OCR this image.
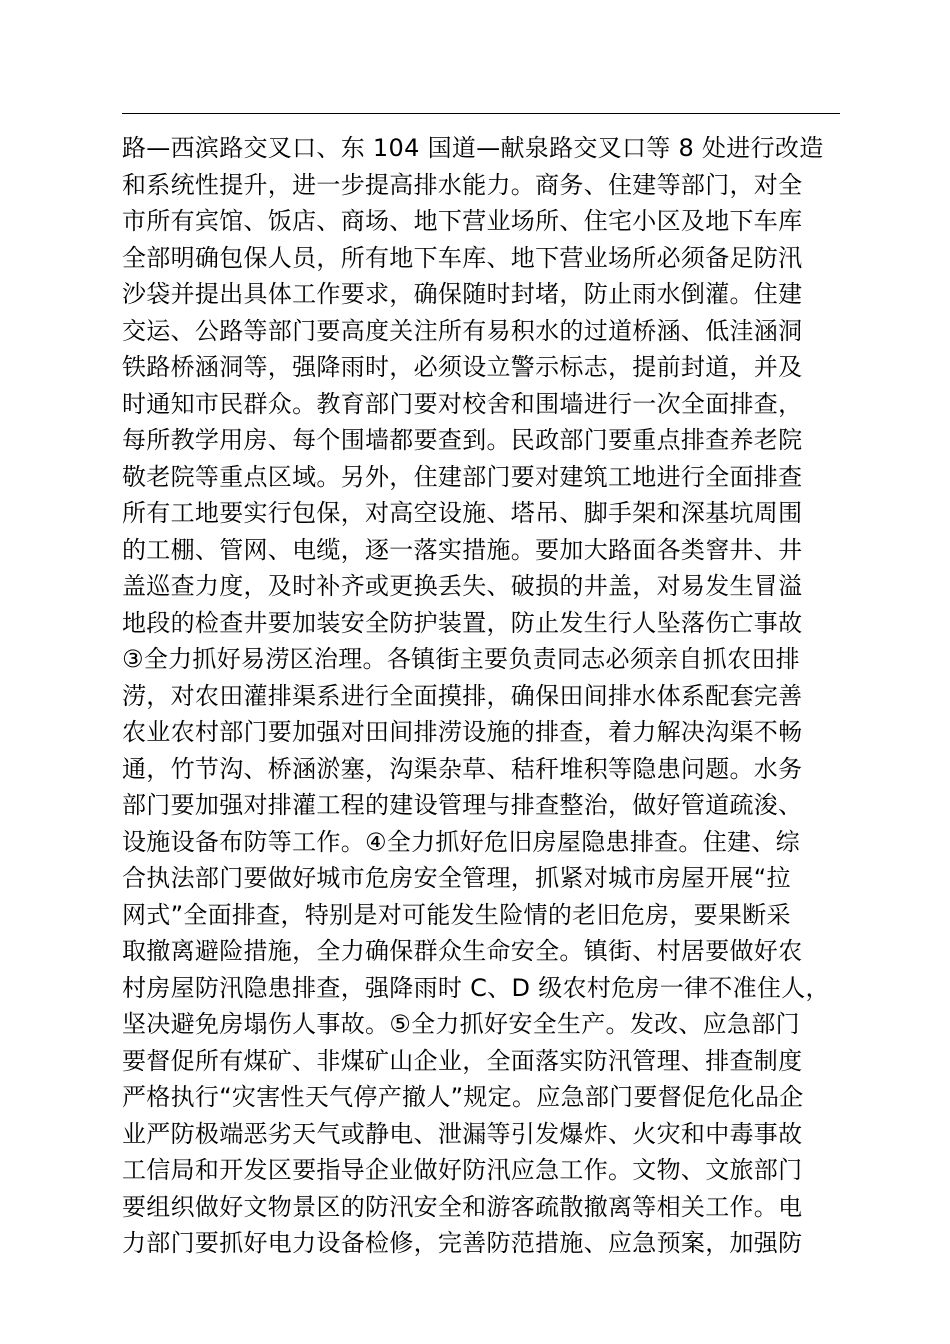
路—西滨路交叉口、东 104 国道—献泉路交叉口等 8 处进行改造
和系统性提升，进一步提高排水能力。商务、住建等部门，对全
市所有宾馆、饭店、商场、地下营业场所、住宅小区及地下车库
全部明确包保人员，所有地下车库、地下营业场所必须备足防汛
沙袋并提出具体工作要求，确保随时封堵，防止雨水倒灌。住建
交运、公路等部门要高度关注所有易积水的过道桥涵、低洼涵洞
铁路桥涵洞等，强降雨时，必须设立警示标志，提前封道，并及
时通知市民群众。教育部门要对校舍和围墙进行一次全面排查，
每所教学用房、每个围墙都要查到。民政部门要重点排查养老院
敬老院等重点区域。另外，住建部门要对建筑工地进行全面排查
所有工地要实行包保，对高空设施、塔吊、脚手架和深基坑周围
的工棚、管网、电缆，逐一落实措施。要加大路面各类窨井、井
盖巡查力度，及时补齐或更换丢失、破损的井盖，对易发生冒溢
地段的检查井要加装安全防护装置，防止发生行人坠落伤亡事故
③全力抓好易涝区治理。各镇街主要负责同志必须亲自抓农田排
涝，对农田灌排渠系进行全面摸排，确保田间排水体系配套完善
农业农村部门要加强对田间排涝设施的排查，着力解决沟渠不畅
通，竹节沟、桥涵淤塞，沟渠杂草、秸秆堆积等隐患问题。水务
部门要加强对排灌工程的建设管理与排查整治，做好管道疏浚、
设施设备布防等工作。④全力抓好危旧房屋隐患排查。住建、综
合执法部门要做好城市危房安全管理，抓紧对城市房屋开展“拉
网式”全面排查，特别是对可能发生险情的老旧危房，要果断采
取撤离避险措施，全力确保群众生命安全。镇街、村居要做好农
村房屋防汛隐患排查，强降雨时 C、D 级农村危房一律不准住人，
坚决避免房塌伤人事故。⑤全力抓好安全生产。发改、应急部门
要督促所有煤矿、非煤矿山企业，全面落实防汛管理、排查制度
严格执行“灾害性天气停产撤人”规定。应急部门要督促危化品企
业严防极端恶劣天气或静电、泄漏等引发爆炸、火灾和中毒事故
工信局和开发区要指导企业做好防汛应急工作。文物、文旅部门
要组织做好文物景区的防汛安全和游客疏散撤离等相关工作。电
力部门要抓好电力设备检修，完善防范措施、应急预案，加强防
